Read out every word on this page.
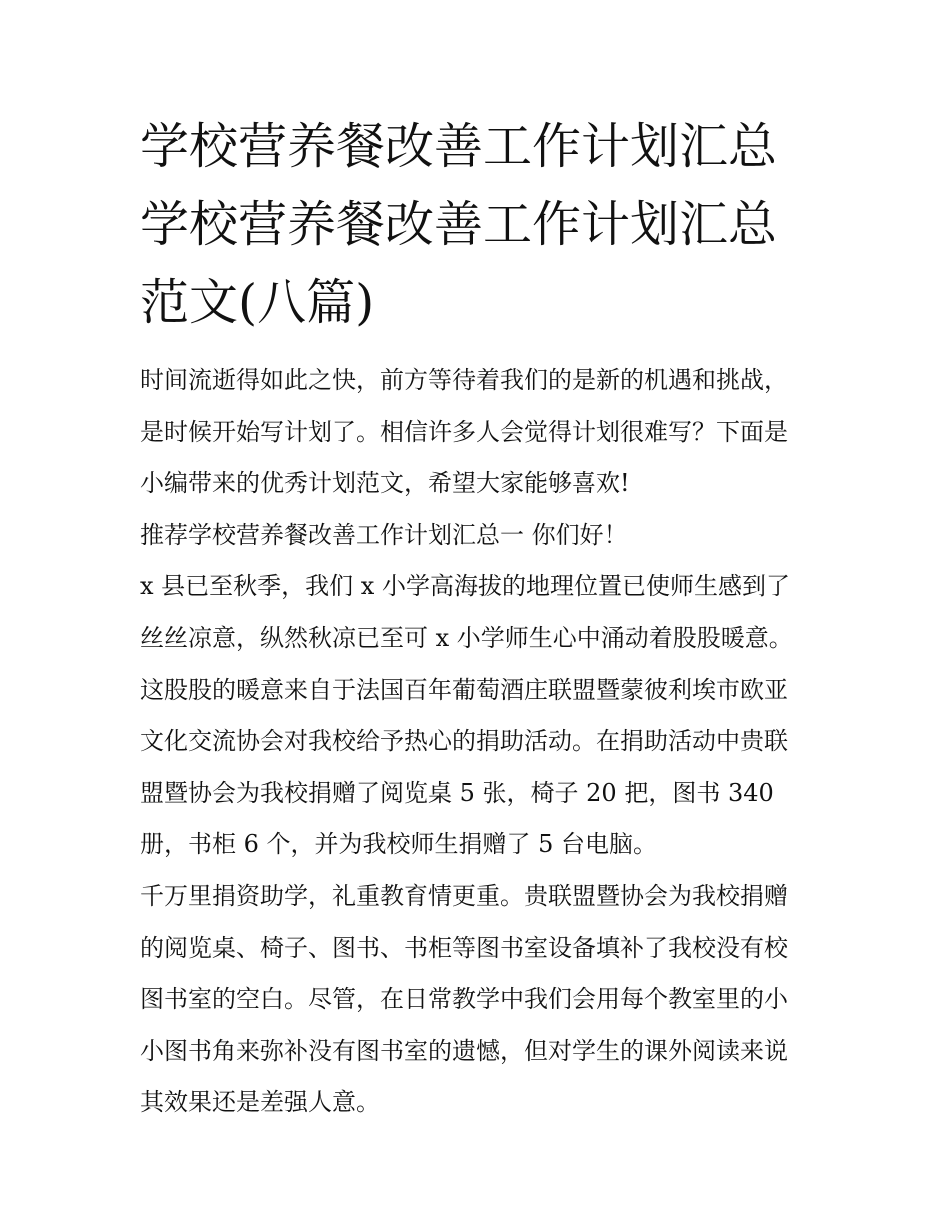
学校营养餐改善工作计划汇总
学校营养餐改善工作计划汇总
范文(八篇)
时间流逝得如此之快，前方等待着我们的是新的机遇和挑战，
是时候开始写计划了。相信许多人会觉得计划很难写？下面是
小编带来的优秀计划范文，希望大家能够喜欢!
推荐学校营养餐改善工作计划汇总一 你们好！
x 县已至秋季，我们 x 小学高海拔的地理位置已使师生感到了
丝丝凉意，纵然秋凉已至可 x 小学师生心中涌动着股股暖意。
这股股的暖意来自于法国百年葡萄酒庄联盟暨蒙彼利埃市欧亚
文化交流协会对我校给予热心的捐助活动。在捐助活动中贵联
盟暨协会为我校捐赠了阅览桌 5 张，椅子 20 把，图书 340
册，书柜 6 个，并为我校师生捐赠了 5 台电脑。
千万里捐资助学，礼重教育情更重。贵联盟暨协会为我校捐赠
的阅览桌、椅子、图书、书柜等图书室设备填补了我校没有校
图书室的空白。尽管，在日常教学中我们会用每个教室里的小
小图书角来弥补没有图书室的遗憾，但对学生的课外阅读来说
其效果还是差强人意。
